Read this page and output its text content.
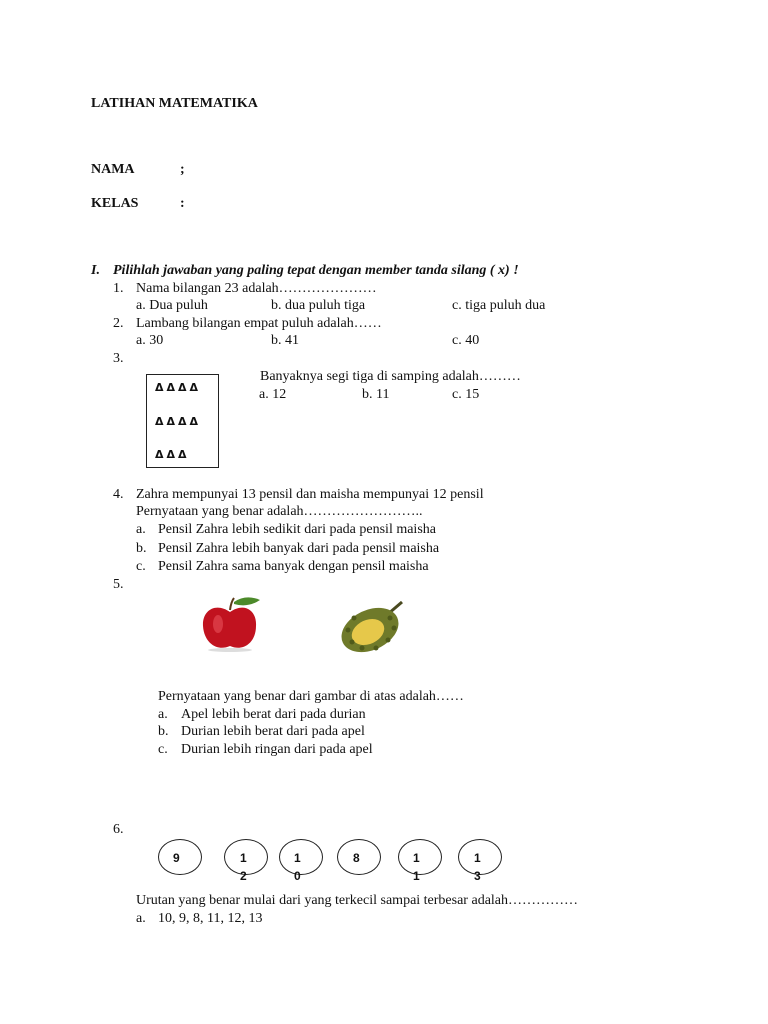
LATIHAN MATEMATIKA
NAMA	;
KELAS	:
I. Pilihlah jawaban yang paling tepat dengan member tanda silang ( x) !
1. Nama bilangan 23 adalah…………………
a. Dua puluh	b. dua puluh tiga	c. tiga puluh dua
2. Lambang bilangan empat puluh adalah……
a. 30	b. 41	c. 40
3.
ΔΔΔΔ
ΔΔΔΔ
ΔΔΔ
Banyaknya segi tiga di samping adalah………
a. 12	b. 11	c. 15
4. Zahra mempunyai 13 pensil dan maisha mempunyai 12 pensil
Pernyataan yang benar adalah……………………..
a. Pensil Zahra lebih sedikit dari pada pensil maisha
b. Pensil Zahra lebih banyak dari pada pensil maisha
c. Pensil Zahra sama banyak dengan pensil maisha
5.
Pernyataan yang benar dari gambar di atas adalah……
a. Apel lebih berat dari pada durian
b. Durian lebih berat dari pada apel
c. Durian lebih ringan dari pada apel
6.
9	1
2
1
0
8	1
1
1
3
Urutan yang benar mulai dari yang terkecil sampai terbesar adalah……………
a. 10, 9, 8, 11, 12, 13
